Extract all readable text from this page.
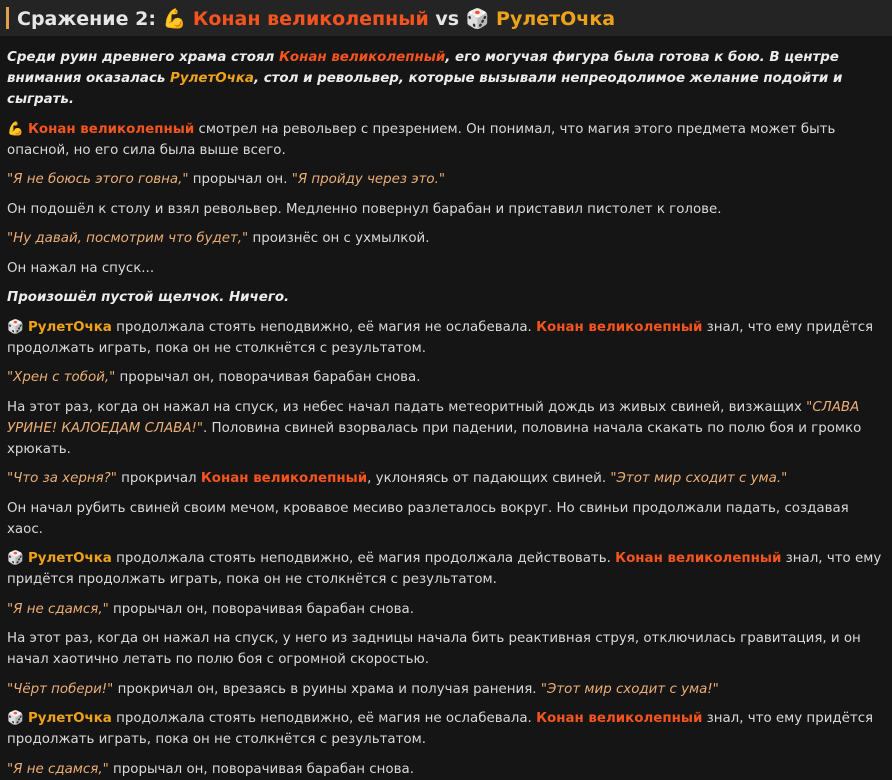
Сражение 2: 💪 Конан великолепный vs 🎲 РулетОчка

Среди руин древнего храма стоял Конан великолепный, его могучая фигура была готова к бою. В центре внимания оказалась РулетОчка, стол и револьвер, которые вызывали непреодолимое желание подойти и сыграть.

💪 Конан великолепный смотрел на револьвер с презрением. Он понимал, что магия этого предмета может быть опасной, но его сила была выше всего.

"Я не боюсь этого говна," прорычал он. "Я пройду через это."

Он подошёл к столу и взял револьвер. Медленно повернул барабан и приставил пистолет к голове.

"Ну давай, посмотрим что будет," произнёс он с ухмылкой.

Он нажал на спуск...

Произошёл пустой щелчок. Ничего.

🎲 РулетОчка продолжала стоять неподвижно, её магия не ослабевала. Конан великолепный знал, что ему придётся продолжать играть, пока он не столкнётся с результатом.

"Хрен с тобой," прорычал он, поворачивая барабан снова.

На этот раз, когда он нажал на спуск, из небес начал падать метеоритный дождь из живых свиней, визжащих "СЛАВА УРИНЕ! КАЛОЕДАМ СЛАВА!". Половина свиней взорвалась при падении, половина начала скакать по полю боя и громко хрюкать.

"Что за херня?" прокричал Конан великолепный, уклоняясь от падающих свиней. "Этот мир сходит с ума."

Он начал рубить свиней своим мечом, кровавое месиво разлеталось вокруг. Но свиньи продолжали падать, создавая хаос.

🎲 РулетОчка продолжала стоять неподвижно, её магия продолжала действовать. Конан великолепный знал, что ему придётся продолжать играть, пока он не столкнётся с результатом.

"Я не сдамся," прорычал он, поворачивая барабан снова.

На этот раз, когда он нажал на спуск, у него из задницы начала бить реактивная струя, отключилась гравитация, и он начал хаотично летать по полю боя с огромной скоростью.

"Чёрт побери!" прокричал он, врезаясь в руины храма и получая ранения. "Этот мир сходит с ума!"

🎲 РулетОчка продолжала стоять неподвижно, её магия не ослабевала. Конан великолепный знал, что ему придётся продолжать играть, пока он не столкнётся с результатом.

"Я не сдамся," прорычал он, поворачивая барабан снова.
